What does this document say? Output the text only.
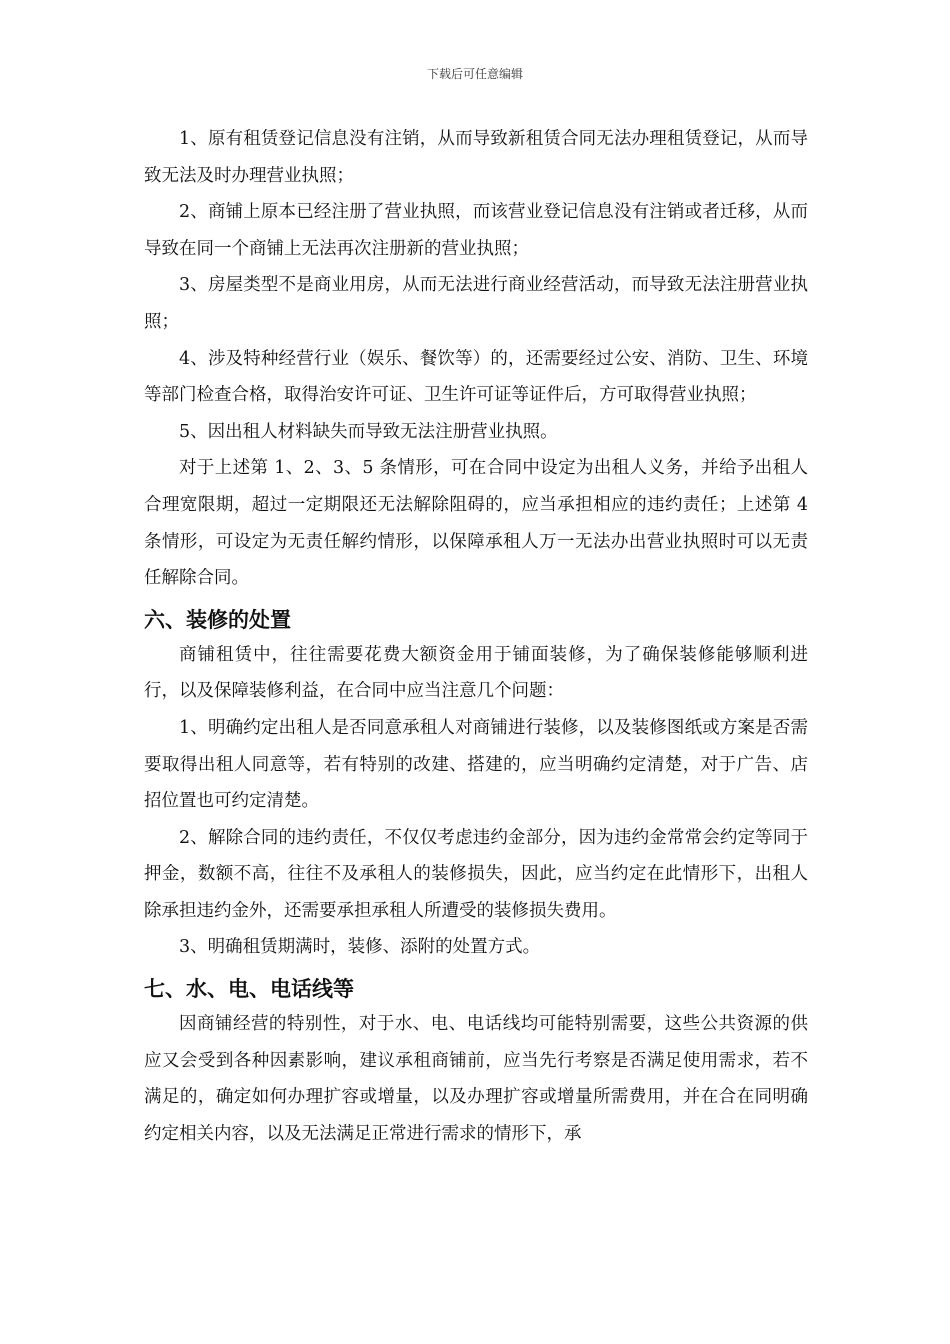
下载后可任意编辑

1、原有租赁登记信息没有注销，从而导致新租赁合同无法办理租赁登记，从而导致无法及时办理营业执照；

2、商铺上原本已经注册了营业执照，而该营业登记信息没有注销或者迁移，从而导致在同一个商铺上无法再次注册新的营业执照；

3、房屋类型不是商业用房，从而无法进行商业经营活动，而导致无法注册营业执照；

4、涉及特种经营行业（娱乐、餐饮等）的，还需要经过公安、消防、卫生、环境等部门检查合格，取得治安许可证、卫生许可证等证件后，方可取得营业执照；

5、因出租人材料缺失而导致无法注册营业执照。

对于上述第 1、2、3、5 条情形，可在合同中设定为出租人义务，并给予出租人合理宽限期，超过一定期限还无法解除阻碍的，应当承担相应的违约责任；上述第 4 条情形，可设定为无责任解约情形，以保障承租人万一无法办出营业执照时可以无责任解除合同。

六、装修的处置

商铺租赁中，往往需要花费大额资金用于铺面装修，为了确保装修能够顺利进行，以及保障装修利益，在合同中应当注意几个问题：

1、明确约定出租人是否同意承租人对商铺进行装修，以及装修图纸或方案是否需要取得出租人同意等，若有特别的改建、搭建的，应当明确约定清楚，对于广告、店招位置也可约定清楚。

2、解除合同的违约责任，不仅仅考虑违约金部分，因为违约金常常会约定等同于押金，数额不高，往往不及承租人的装修损失，因此，应当约定在此情形下，出租人除承担违约金外，还需要承担承租人所遭受的装修损失费用。

3、明确租赁期满时，装修、添附的处置方式。

七、水、电、电话线等

因商铺经营的特别性，对于水、电、电话线均可能特别需要，这些公共资源的供应又会受到各种因素影响，建议承租商铺前，应当先行考察是否满足使用需求，若不满足的，确定如何办理扩容或增量，以及办理扩容或增量所需费用，并在合在同明确约定相关内容，以及无法满足正常进行需求的情形下，承
